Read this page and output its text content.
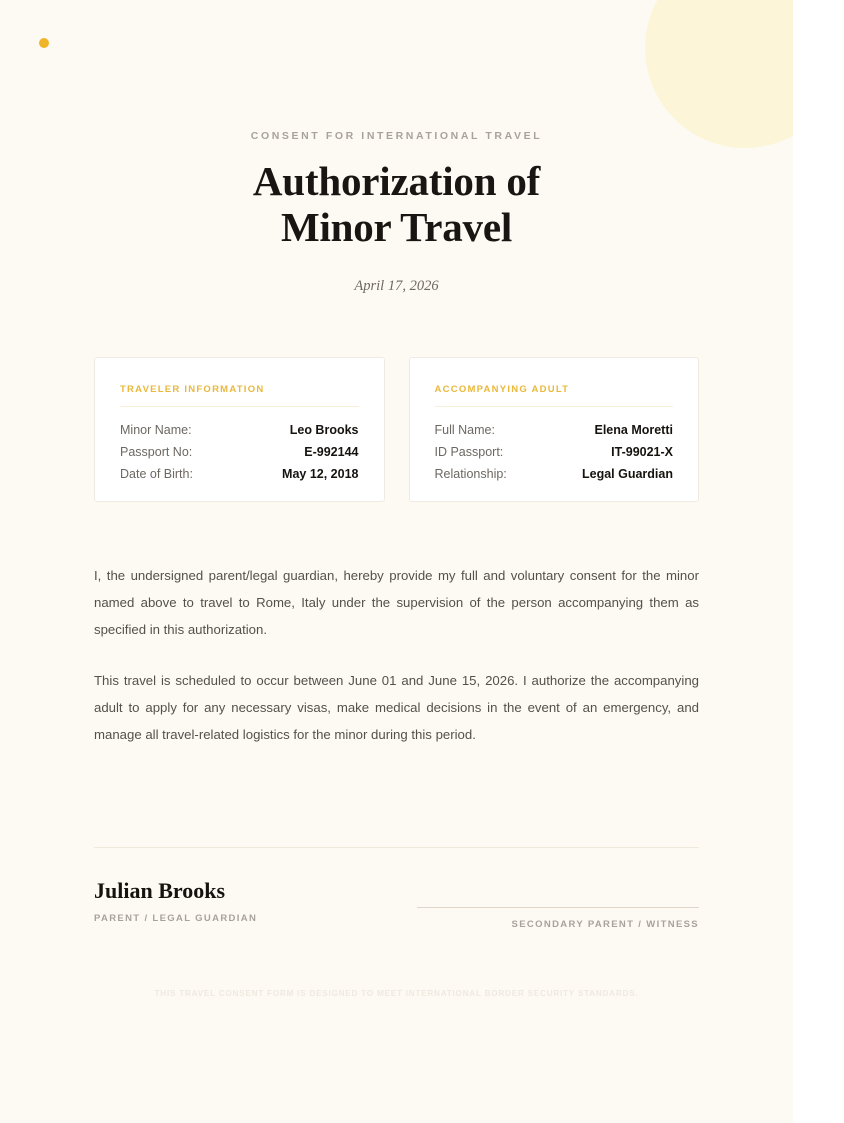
CONSENT FOR INTERNATIONAL TRAVEL
Authorization of
Minor Travel
April 17, 2026
TRAVELER INFORMATION
Minor Name:	Leo Brooks
Passport No:	E-992144
Date of Birth:	May 12, 2018
ACCOMPANYING ADULT
Full Name:	Elena Moretti
ID Passport:	IT-99021-X
Relationship:	Legal Guardian

I, the undersigned parent/legal guardian, hereby provide my full and voluntary consent for the minor named above to travel to Rome, Italy under the supervision of the person accompanying them as specified in this authorization.

This travel is scheduled to occur between June 01 and June 15, 2026. I authorize the accompanying adult to apply for any necessary visas, make medical decisions in the event of an emergency, and manage all travel-related logistics for the minor during this period.

Julian Brooks
PARENT / LEGAL GUARDIAN
SECONDARY PARENT / WITNESS
THIS TRAVEL CONSENT FORM IS DESIGNED TO MEET INTERNATIONAL BORDER SECURITY STANDARDS.
